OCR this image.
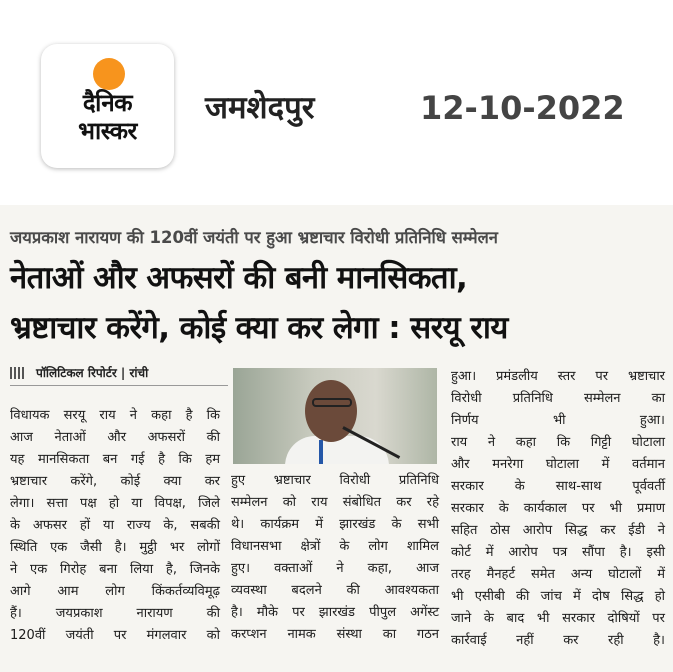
दैनिक
भास्कर
जमशेदपुर	12-10-2022
जयप्रकाश नारायण की 120वीं जयंती पर हुआ भ्रष्टाचार विरोधी प्रतिनिधि सम्मेलन
नेताओं और अफसरों की बनी मानसिकता,
भ्रष्टाचार करेंगे, कोई क्या कर लेगा : सरयू राय
पॉलिटिकल रिपोर्टर | रांची

विधायक सरयू राय ने कहा है कि

आज नेताओं और अफसरों की

यह मानसिकता बन गई है कि हम

भ्रष्टाचार करेंगे, कोई क्या कर

लेगा। सत्ता पक्ष हो या विपक्ष, जिले

के अफसर हों या राज्य के, सबकी

स्थिति एक जैसी है। मुट्ठी भर लोगों

ने एक गिरोह बना लिया है, जिनके

आगे आम लोग किंकर्तव्यविमूढ़

हैं। जयप्रकाश नारायण की

120वीं जयंती पर मंगलवार को

हुए भ्रष्टाचार विरोधी प्रतिनिधि

सम्मेलन को राय संबोधित कर रहे

थे। कार्यक्रम में झारखंड के सभी

विधानसभा क्षेत्रों के लोग शामिल

हुए। वक्ताओं ने कहा, आज

व्यवस्था बदलने की आवश्यकता

है। मौके पर झारखंड पीपुल अगेंस्ट

करप्शन नामक संस्था का गठन

हुआ। प्रमंडलीय स्तर पर भ्रष्टाचार

विरोधी प्रतिनिधि सम्मेलन का

निर्णय भी हुआ।

राय ने कहा कि गिट्टी घोटाला

और मनरेगा घोटाला में वर्तमान

सरकार के साथ-साथ पूर्ववर्ती

सरकार के कार्यकाल पर भी प्रमाण

सहित ठोस आरोप सिद्ध कर ईडी ने

कोर्ट में आरोप पत्र सौंपा है। इसी

तरह मैनहर्ट समेत अन्य घोटालों में

भी एसीबी की जांच में दोष सिद्ध हो

जाने के बाद भी सरकार दोषियों पर

कार्रवाई नहीं कर रही है।
